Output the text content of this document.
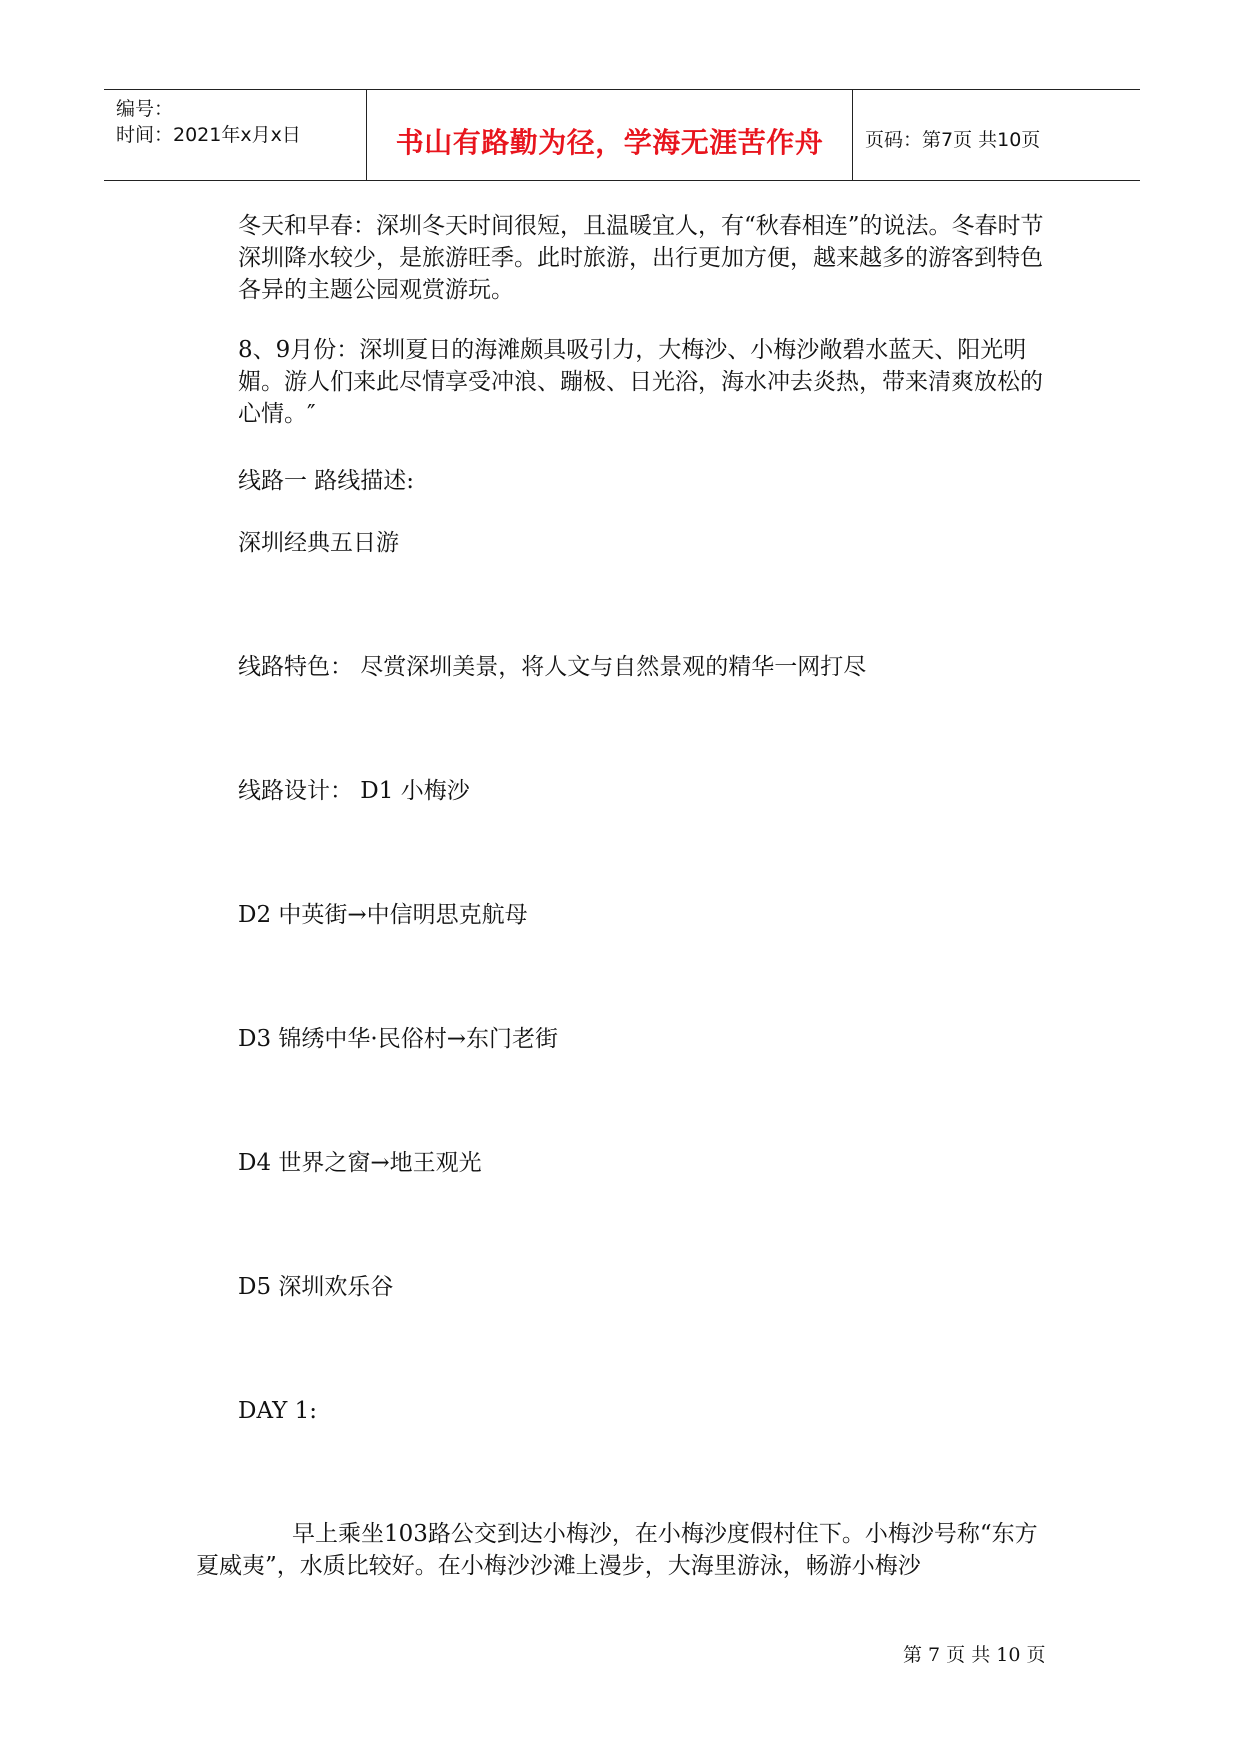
编号：
时间：2021年x月x日	书山有路勤为径，学海无涯苦作舟	页码：第7页 共10页

冬天和早春：深圳冬天时间很短，且温暖宜人，有“秋春相连”的说法。冬春时节深圳降水较少，是旅游旺季。此时旅游，出行更加方便，越来越多的游客到特色各异的主题公园观赏游玩。

8、9月份：深圳夏日的海滩颇具吸引力，大梅沙、小梅沙敞碧水蓝天、阳光明媚。游人们来此尽情享受冲浪、蹦极、日光浴，海水冲去炎热，带来清爽放松的心情。″

线路一 路线描述:

深圳经典五日游

线路特色： 尽赏深圳美景，将人文与自然景观的精华一网打尽

线路设计： D1 小梅沙

D2 中英街→中信明思克航母

D3 锦绣中华·民俗村→东门老街

D4 世界之窗→地王观光

D5 深圳欢乐谷

DAY 1:

早上乘坐103路公交到达小梅沙，在小梅沙度假村住下。小梅沙号称“东方夏威夷”，水质比较好。在小梅沙沙滩上漫步，大海里游泳，畅游小梅沙

第 7 页 共 10 页
